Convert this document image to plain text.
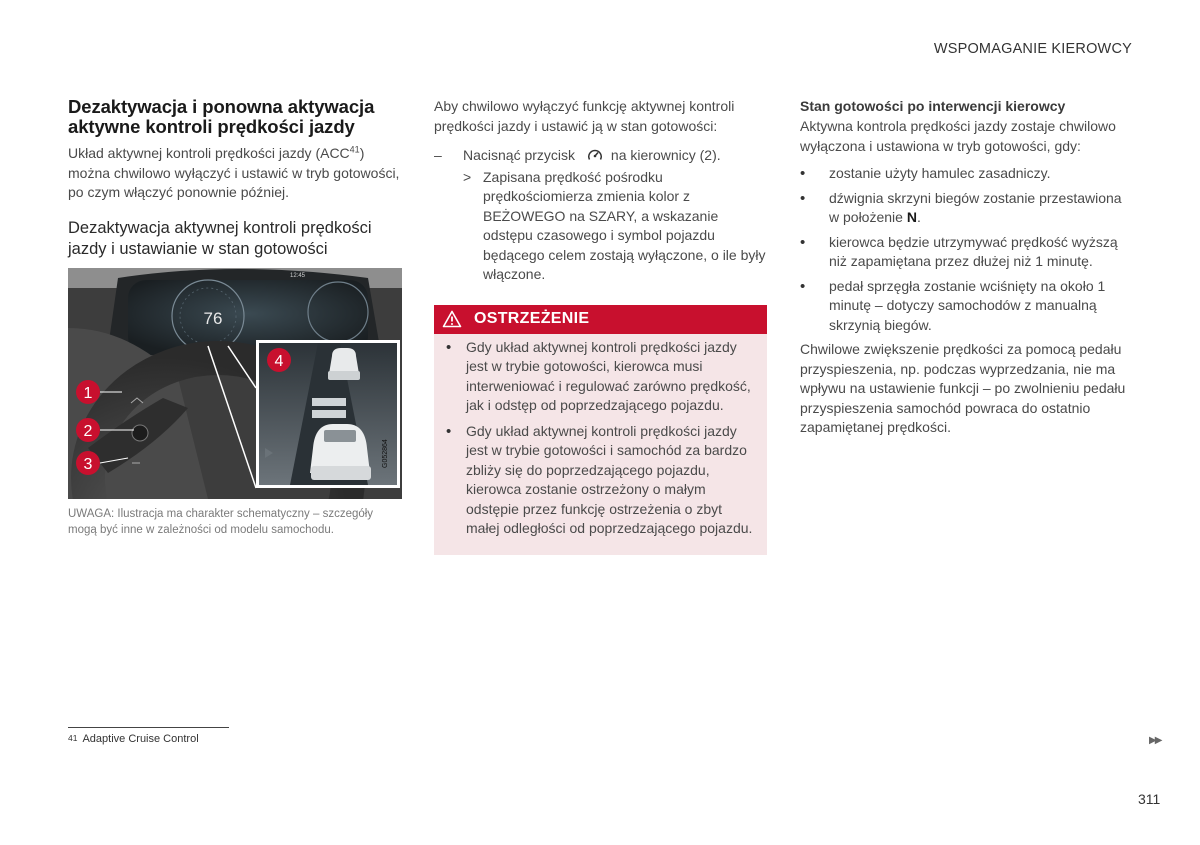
WSPOMAGANIE KIEROWCY
Dezaktywacja i ponowna aktywacja aktywne kontroli prędkości jazdy

Układ aktywnej kontroli prędkości jazdy (ACC$^{41}$) można chwilowo wyłączyć i ustawić w tryb gotowości, po czym włączyć ponownie później.

Dezaktywacja aktywnej kontroli prędkości jazdy i ustawianie w stan gotowości
12:45
76
G052864
1
2
3
4
UWAGA: Ilustracja ma charakter schematyczny – szczegóły mogą być inne w zależności od modelu samochodu.

Aby chwilowo wyłączyć funkcję aktywnej kontroli prędkości jazdy i ustawić ją w stan gotowości:

– Nacisnąć przycisk	na kierownicy (2).
> Zapisana prędkość pośrodku prędkościomierza zmienia kolor z BEŻOWEGO na SZARY, a wskazanie odstępu czasowego i symbol pojazdu będącego celem zostają wyłączone, o ile były włączone.
OSTRZEŻENIE
• Gdy układ aktywnej kontroli prędkości jazdy jest w trybie gotowości, kierowca musi interweniować i regulować zarówno prędkość, jak i odstęp od poprzedzającego pojazdu.
• Gdy układ aktywnej kontroli prędkości jazdy jest w trybie gotowości i samochód za bardzo zbliży się do poprzedzającego pojazdu, kierowca zostanie ostrzeżony o małym odstępie przez funkcję ostrzeżenia o zbyt małej odległości od poprzedzającego pojazdu.
Stan gotowości po interwencji kierowcy

Aktywna kontrola prędkości jazdy zostaje chwilowo wyłączona i ustawiona w tryb gotowości, gdy:

• zostanie użyty hamulec zasadniczy.
• dźwignia skrzyni biegów zostanie przestawiona w położenie N.
• kierowca będzie utrzymywać prędkość wyższą niż zapamiętana przez dłużej niż 1 minutę.
• pedał sprzęgła zostanie wciśnięty na około 1 minutę – dotyczy samochodów z manualną skrzynią biegów.

Chwilowe zwiększenie prędkości za pomocą pedału przyspieszenia, np. podczas wyprzedzania, nie ma wpływu na ustawienie funkcji – po zwolnieniu pedału przyspieszenia samochód powraca do ostatnio zapamiętanej prędkości.

$^{41}$ Adaptive Cruise Control	▶▶
311
